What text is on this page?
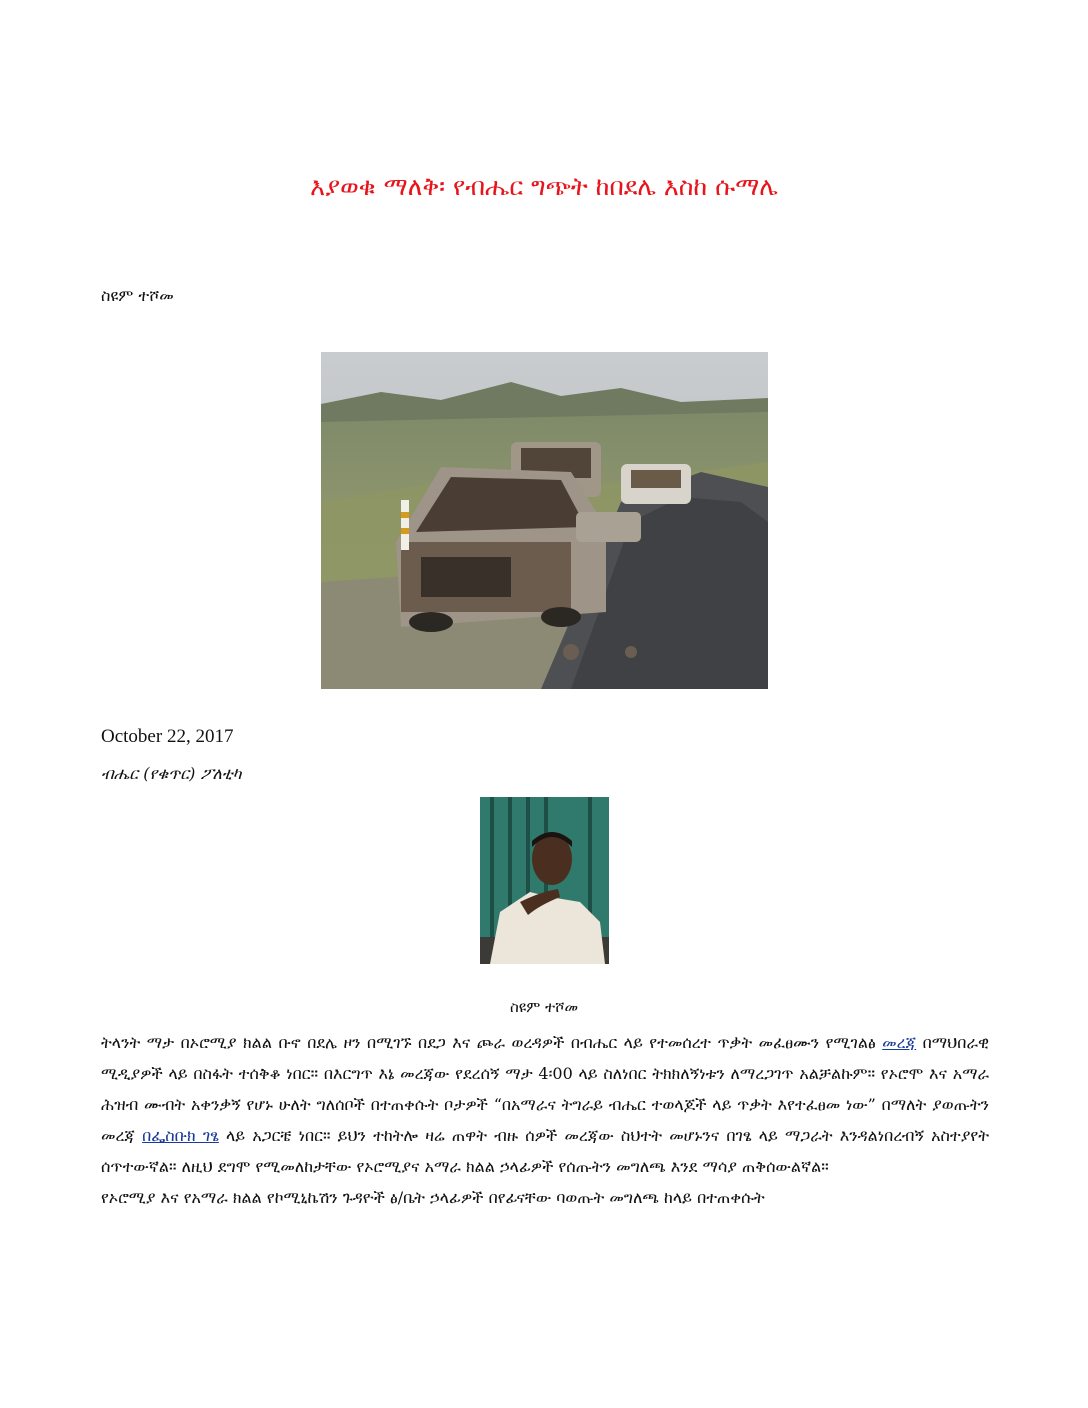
እያወቁ ማለቅ፡ የብሔር ግጭት ከበደሌ እስከ ሱማሌ
ስዩም ተሾመ
October 22, 2017
ብሔር (የቁጥር) ፖለቲካ
ስዩም ተሾመ

ትላንት ማታ በኦሮሚያ ክልል ቡኖ በደሌ ዞን በሚገኙ በደጋ እና ጮራ ወረዳዎች በብሔር ላይ የተመሰረተ ጥቃት መፈፀሙን የሚገልፅ መረጃ በማህበራዊ ሚዲያዎች ላይ በስፋት ተሰቅቆ ነበር። በእርግጥ እኔ መረጃው የደረሰኝ ማታ 4፡00 ላይ ስለነበር ትክክለኝነቱን ለማረጋገጥ አልቻልኩም። የኦሮሞ እና አማራ ሕዝብ ሙብት አቀንቃኝ የሆኑ ሁለት ግለሰቦች በተጠቀሱት ቦታዎች “በአማራና ትግራይ ብሔር ተወላጆች ላይ ጥቃት እየተፈፀመ ነው” በማለት ያወጡትን መረጃ በፌስቡክ ገፄ ላይ አጋርቼ ነበር። ይህን ተከትሎ ዛሬ ጠዋት ብዙ ሰዎች መረጃው ስህተት መሆኑንና በገፄ ላይ ማጋራት እንዳልነበረብኝ አስተያየት ሰጥተውኛል። ለዚህ ደግሞ የሚመለከታቸው የኦሮሚያና አማራ ክልል ኃላፊዎች የሰጡትን መግለጫ እንደ ማሳያ ጠቅሰውልኛል።

የኦሮሚያ እና የአማራ ክልል የኮሚኒኬሽን ጉዳዮች ፅ/ቤት ኃላፊዎች በየፊናቸው ባወጡት መግለጫ ከላይ በተጠቀሱት
